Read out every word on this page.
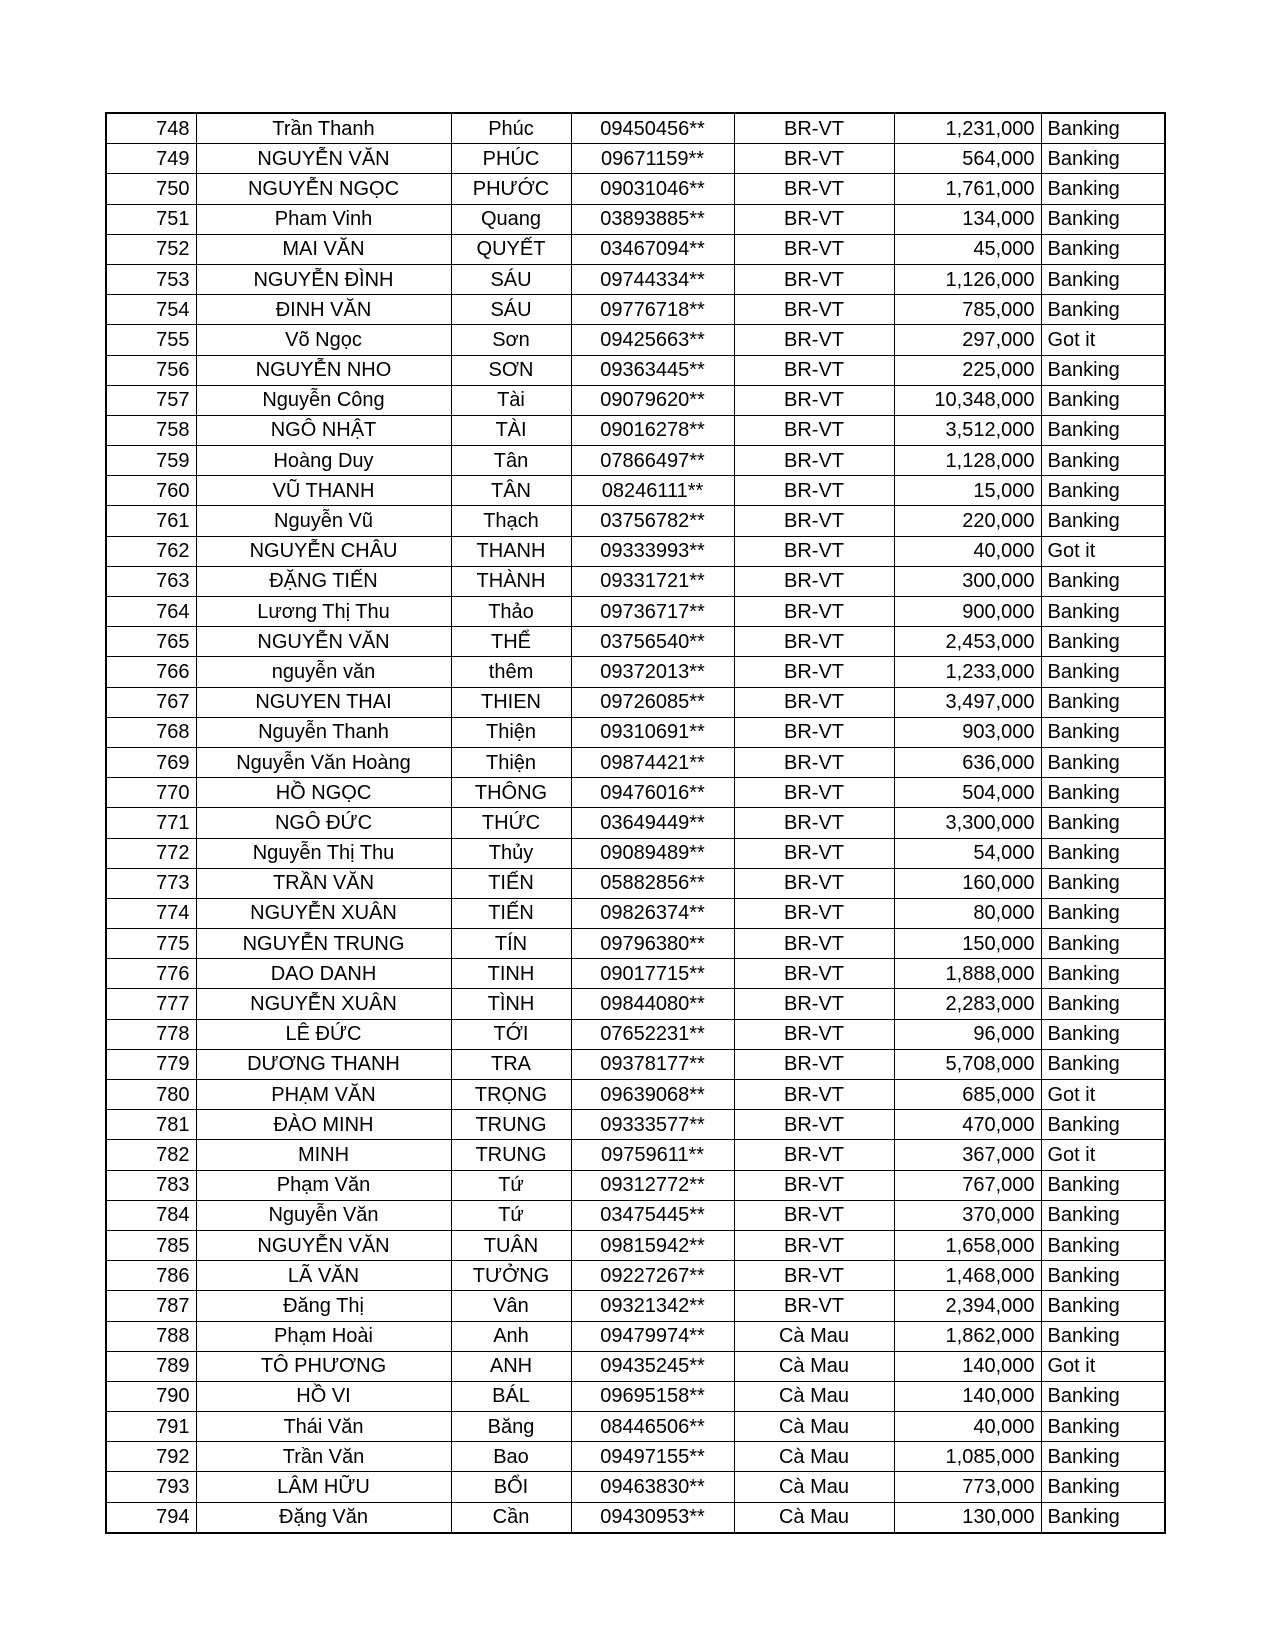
748	Trần Thanh	Phúc	09450456**	BR-VT	1,231,000	Banking
749	NGUYỄN VĂN	PHÚC	09671159**	BR-VT	564,000	Banking
750	NGUYỄN NGỌC	PHƯỚC	09031046**	BR-VT	1,761,000	Banking
751	Pham Vinh	Quang	03893885**	BR-VT	134,000	Banking
752	MAI VĂN	QUYẾT	03467094**	BR-VT	45,000	Banking
753	NGUYỄN ĐÌNH	SÁU	09744334**	BR-VT	1,126,000	Banking
754	ĐINH VĂN	SÁU	09776718**	BR-VT	785,000	Banking
755	Võ Ngọc	Sơn	09425663**	BR-VT	297,000	Got it
756	NGUYỄN NHO	SƠN	09363445**	BR-VT	225,000	Banking
757	Nguyễn Công	Tài	09079620**	BR-VT	10,348,000	Banking
758	NGÔ NHẬT	TÀI	09016278**	BR-VT	3,512,000	Banking
759	Hoàng Duy	Tân	07866497**	BR-VT	1,128,000	Banking
760	VŨ THANH	TÂN	08246111**	BR-VT	15,000	Banking
761	Nguyễn Vũ	Thạch	03756782**	BR-VT	220,000	Banking
762	NGUYỄN CHÂU	THANH	09333993**	BR-VT	40,000	Got it
763	ĐẶNG TIẾN	THÀNH	09331721**	BR-VT	300,000	Banking
764	Lương Thị Thu	Thảo	09736717**	BR-VT	900,000	Banking
765	NGUYỄN VĂN	THỂ	03756540**	BR-VT	2,453,000	Banking
766	nguyễn văn	thêm	09372013**	BR-VT	1,233,000	Banking
767	NGUYEN THAI	THIEN	09726085**	BR-VT	3,497,000	Banking
768	Nguyễn Thanh	Thiện	09310691**	BR-VT	903,000	Banking
769	Nguyễn Văn Hoàng	Thiện	09874421**	BR-VT	636,000	Banking
770	HỒ NGỌC	THÔNG	09476016**	BR-VT	504,000	Banking
771	NGÔ ĐỨC	THỨC	03649449**	BR-VT	3,300,000	Banking
772	Nguyễn Thị Thu	Thủy	09089489**	BR-VT	54,000	Banking
773	TRẦN VĂN	TIẾN	05882856**	BR-VT	160,000	Banking
774	NGUYỄN XUÂN	TIẾN	09826374**	BR-VT	80,000	Banking
775	NGUYỄN TRUNG	TÍN	09796380**	BR-VT	150,000	Banking
776	DAO DANH	TINH	09017715**	BR-VT	1,888,000	Banking
777	NGUYỄN XUÂN	TÌNH	09844080**	BR-VT	2,283,000	Banking
778	LÊ ĐỨC	TỚI	07652231**	BR-VT	96,000	Banking
779	DƯƠNG THANH	TRA	09378177**	BR-VT	5,708,000	Banking
780	PHẠM VĂN	TRỌNG	09639068**	BR-VT	685,000	Got it
781	ĐÀO MINH	TRUNG	09333577**	BR-VT	470,000	Banking
782	MINH	TRUNG	09759611**	BR-VT	367,000	Got it
783	Phạm Văn	Tứ	09312772**	BR-VT	767,000	Banking
784	Nguyễn Văn	Tứ	03475445**	BR-VT	370,000	Banking
785	NGUYỄN VĂN	TUÂN	09815942**	BR-VT	1,658,000	Banking
786	LÃ VĂN	TƯỞNG	09227267**	BR-VT	1,468,000	Banking
787	Đăng Thị	Vân	09321342**	BR-VT	2,394,000	Banking
788	Phạm Hoài	Anh	09479974**	Cà Mau	1,862,000	Banking
789	TÔ PHƯƠNG	ANH	09435245**	Cà Mau	140,000	Got it
790	HỒ VI	BÁL	09695158**	Cà Mau	140,000	Banking
791	Thái Văn	Băng	08446506**	Cà Mau	40,000	Banking
792	Trần Văn	Bao	09497155**	Cà Mau	1,085,000	Banking
793	LÂM HỮU	BỔI	09463830**	Cà Mau	773,000	Banking
794	Đặng Văn	Cần	09430953**	Cà Mau	130,000	Banking
